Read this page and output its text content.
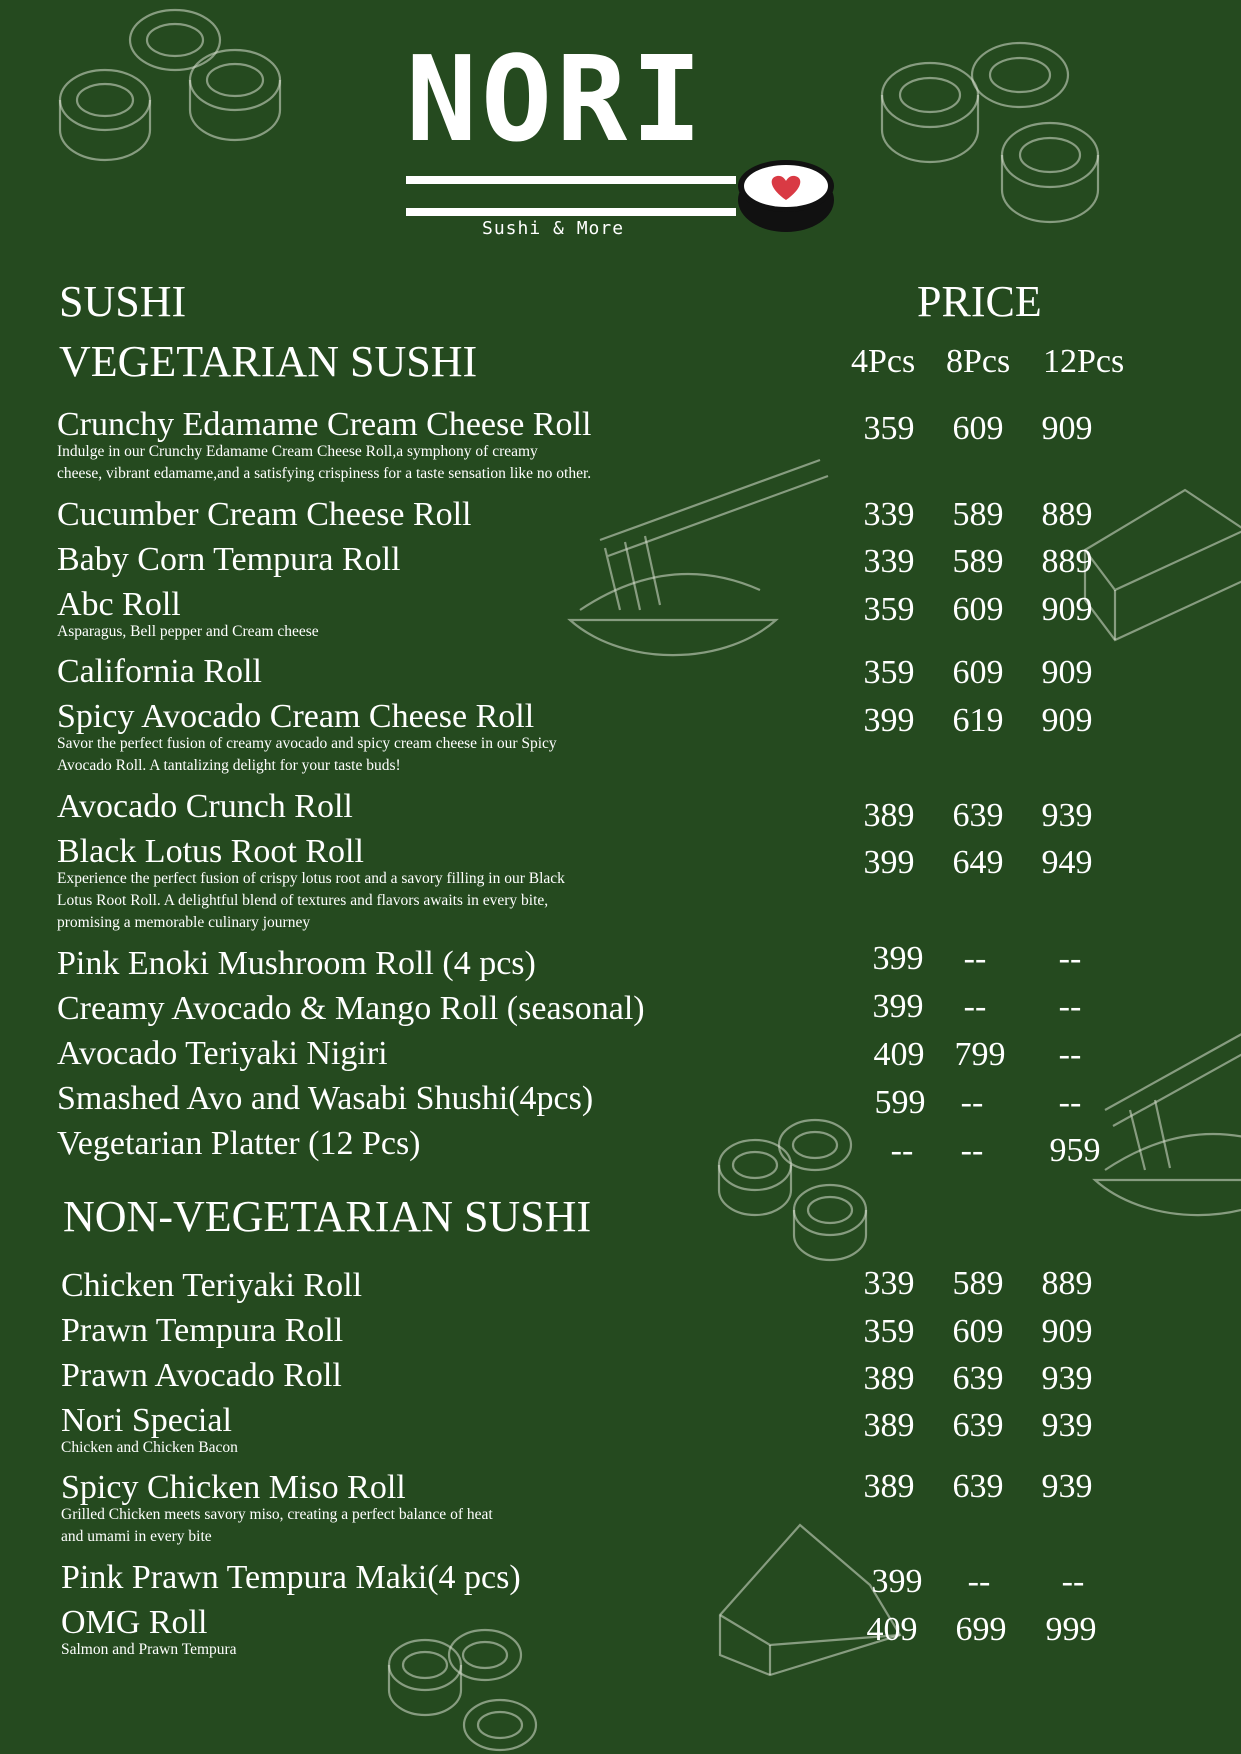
NORI
Sushi & More
SUSHI	PRICE
VEGETARIAN SUSHI	4Pcs 8Pcs 12Pcs
Crunchy Edamame Cream Cheese Roll
Indulge in our Crunchy Edamame Cream Cheese Roll,a symphony of creamy
cheese, vibrant edamame,and a satisfying crispiness for a taste sensation like no other.
359	609	909
Cucumber Cream Cheese Roll	339	589	889
Baby Corn Tempura Roll	339	589	889
Abc Roll
Asparagus, Bell pepper and Cream cheese
359	609	909
California Roll	359	609	909
Spicy Avocado Cream Cheese Roll
Savor the perfect fusion of creamy avocado and spicy cream cheese in our Spicy
Avocado Roll. A tantalizing delight for your taste buds!
399	619	909
Avocado Crunch Roll	389	639	939
Black Lotus Root Roll
Experience the perfect fusion of crispy lotus root and a savory filling in our Black
Lotus Root Roll. A delightful blend of textures and flavors awaits in every bite,
promising a memorable culinary journey
399	649	949
Pink Enoki Mushroom Roll (4 pcs)	399	--	--
Creamy Avocado & Mango Roll (seasonal)	399	--	--
Avocado Teriyaki Nigiri	409 799	--
Smashed Avo and Wasabi Shushi(4pcs)	599	--	--
Vegetarian Platter (12 Pcs)	--	--	959
NON-VEGETARIAN SUSHI
Chicken Teriyaki Roll	339	589	889
Prawn Tempura Roll	359	609	909
Prawn Avocado Roll	389	639	939
Nori Special
Chicken and Chicken Bacon
389	639	939
Spicy Chicken Miso Roll
Grilled Chicken meets savory miso, creating a perfect balance of heat
and umami in every bite
389	639	939
Pink Prawn Tempura Maki(4 pcs)	399	--	--
OMG Roll
Salmon and Prawn Tempura
409	699	999
